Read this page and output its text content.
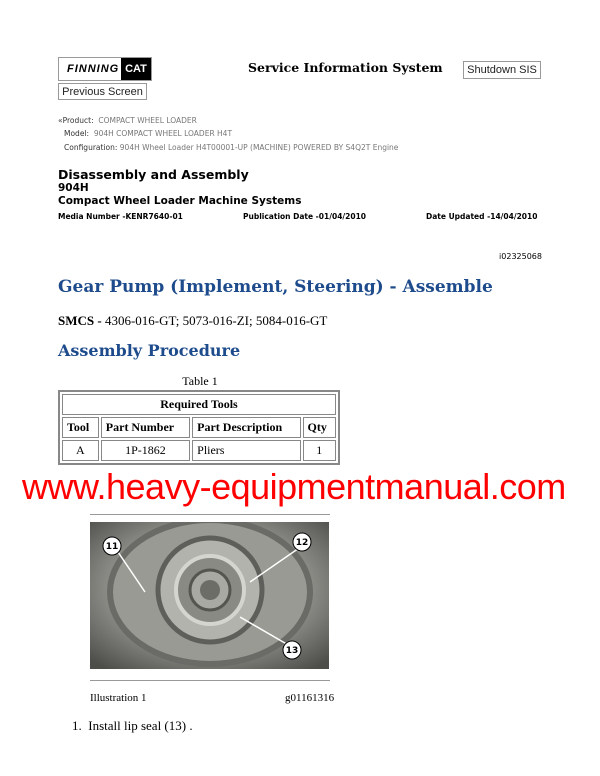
FINNING CAT
Previous Screen
Service Information System	Shutdown SIS
«Product: COMPACT WHEEL LOADER
Model: 904H COMPACT WHEEL LOADER H4T
Configuration: 904H Wheel Loader H4T00001-UP (MACHINE) POWERED BY S4Q2T Engine
Disassembly and Assembly
904H
Compact Wheel Loader Machine Systems
Media Number -KENR7640-01	Publication Date -01/04/2010	Date Updated -14/04/2010
i02325068
Gear Pump (Implement, Steering) - Assemble
SMCS - 4306-016-GT; 5073-016-ZI; 5084-016-GT
Assembly Procedure
Table 1
Required Tools			
Tool	Part Number	Part Description	Qty
A	1P-1862	Pliers	1
www.heavy-equipmentmanual.com
11	12
13
Illustration 1	g01161316
1.  Install lip seal (13) .
